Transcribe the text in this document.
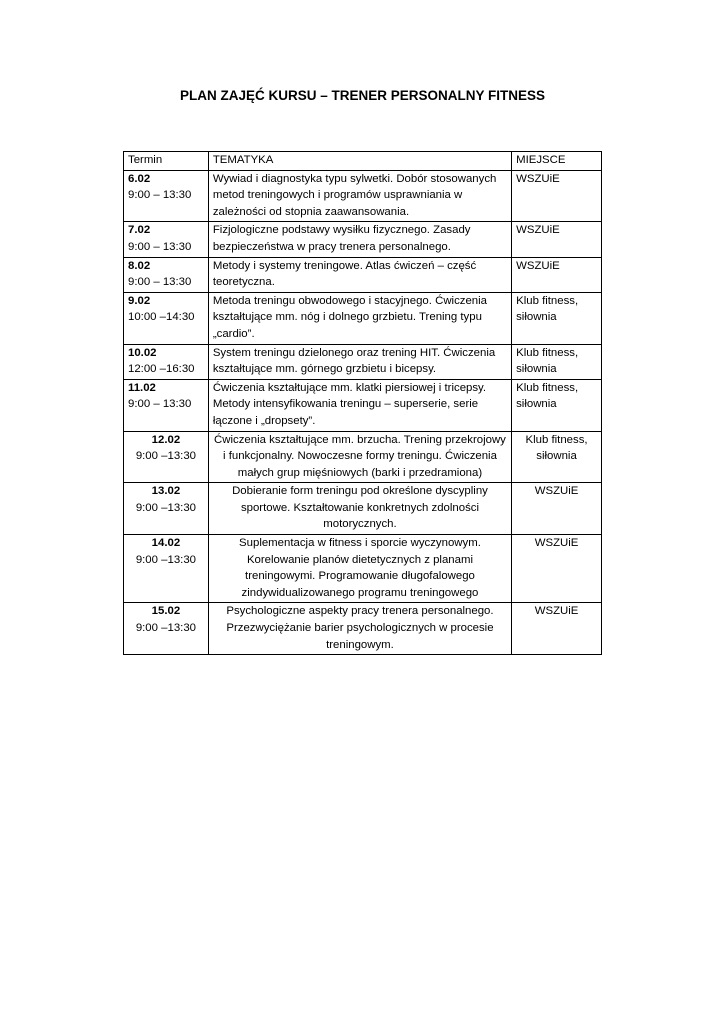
PLAN ZAJĘĆ KURSU – TRENER PERSONALNY FITNESS
Termin	TEMATYKA	MIEJSCE

6.02
9:00 – 13:30	Wywiad i diagnostyka typu sylwetki. Dobór stosowanych metod treningowych i programów usprawniania w zależności od stopnia zaawansowania.	WSZUiE

7.02
9:00 – 13:30	Fizjologiczne podstawy wysiłku fizycznego. Zasady bezpieczeństwa w pracy trenera personalnego.	WSZUiE

8.02
9:00 – 13:30	Metody i systemy treningowe. Atlas ćwiczeń – część teoretyczna.	WSZUiE

9.02
10:00 –14:30	Metoda treningu obwodowego i stacyjnego. Ćwiczenia kształtujące mm. nóg i dolnego grzbietu. Trening typu „cardio”.	Klub fitness, siłownia

10.02
12:00 –16:30	System treningu dzielonego oraz trening HIT. Ćwiczenia kształtujące mm. górnego grzbietu i bicepsy.	Klub fitness, siłownia

11.02
9:00 – 13:30	Ćwiczenia kształtujące mm. klatki piersiowej i tricepsy. Metody intensyfikowania treningu – superserie, serie łączone i „dropsety”.	Klub fitness, siłownia

12.02
9:00 –13:30	Ćwiczenia kształtujące mm. brzucha. Trening przekrojowy i funkcjonalny. Nowoczesne formy treningu. Ćwiczenia małych grup mięśniowych (barki i przedramiona)	Klub fitness, siłownia

13.02
9:00 –13:30	Dobieranie form treningu pod określone dyscypliny sportowe. Kształtowanie konkretnych zdolności motorycznych.	WSZUiE

14.02
9:00 –13:30	Suplementacja w fitness i sporcie wyczynowym. Korelowanie planów dietetycznych z planami treningowymi. Programowanie długofalowego zindywidualizowanego programu treningowego	WSZUiE

15.02
9:00 –13:30	Psychologiczne aspekty pracy trenera personalnego. Przezwyciężanie barier psychologicznych w procesie treningowym.	WSZUiE
